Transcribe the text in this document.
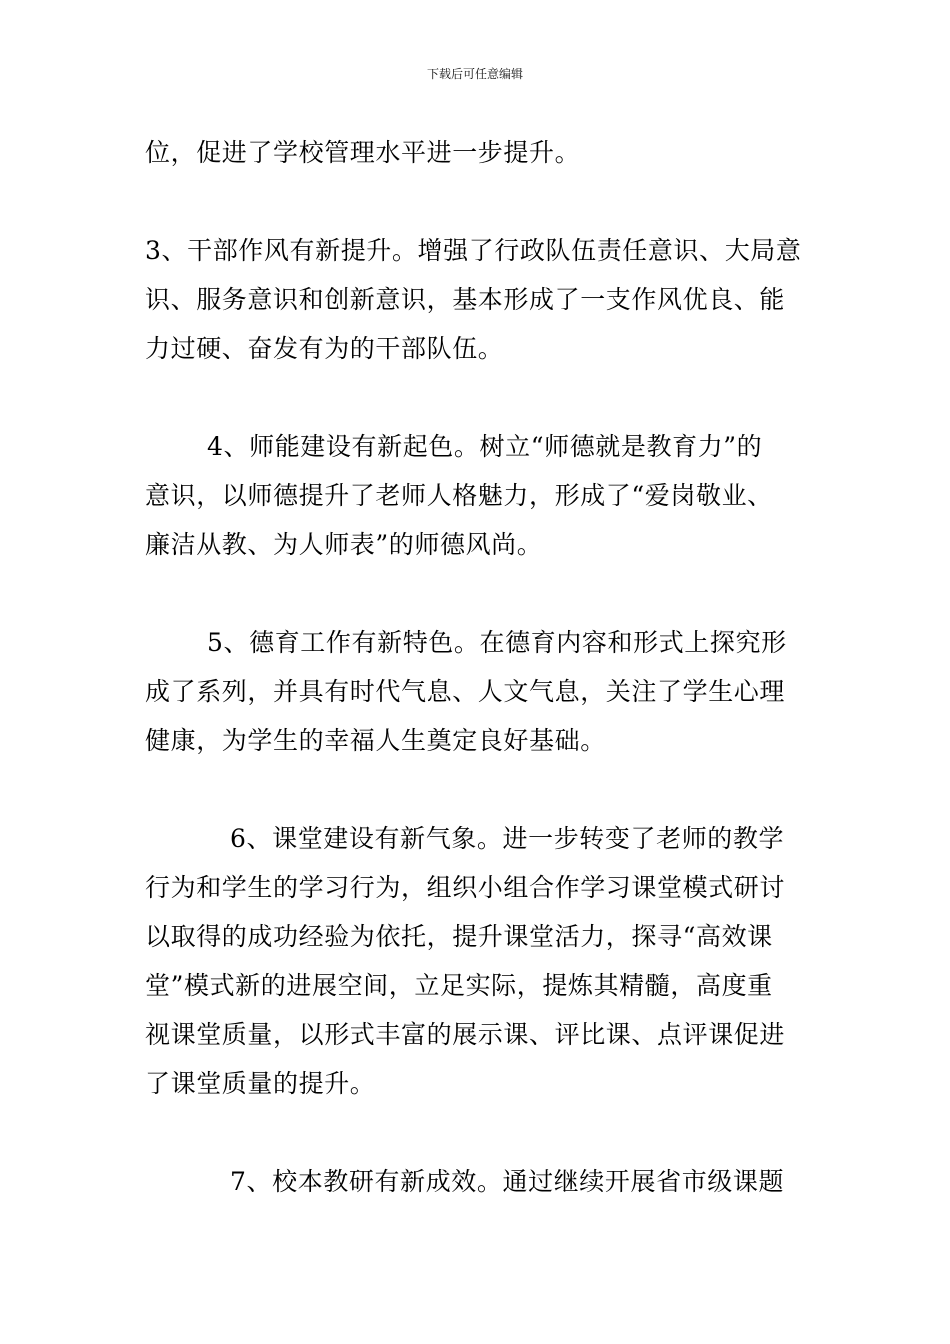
下载后可任意编辑
位，促进了学校管理水平进一步提升。
3、干部作风有新提升。增强了行政队伍责任意识、大局意
识、服务意识和创新意识，基本形成了一支作风优良、能
力过硬、奋发有为的干部队伍。
4、师能建设有新起色。树立“师德就是教育力”的
意识，以师德提升了老师人格魅力，形成了“爱岗敬业、
廉洁从教、为人师表”的师德风尚。
5、德育工作有新特色。在德育内容和形式上探究形
成了系列，并具有时代气息、人文气息，关注了学生心理
健康，为学生的幸福人生奠定良好基础。
6、课堂建设有新气象。进一步转变了老师的教学
行为和学生的学习行为，组织小组合作学习课堂模式研讨
以取得的成功经验为依托，提升课堂活力，探寻“高效课
堂”模式新的进展空间，立足实际，提炼其精髓，高度重
视课堂质量，以形式丰富的展示课、评比课、点评课促进
了课堂质量的提升。
7、校本教研有新成效。通过继续开展省市级课题
